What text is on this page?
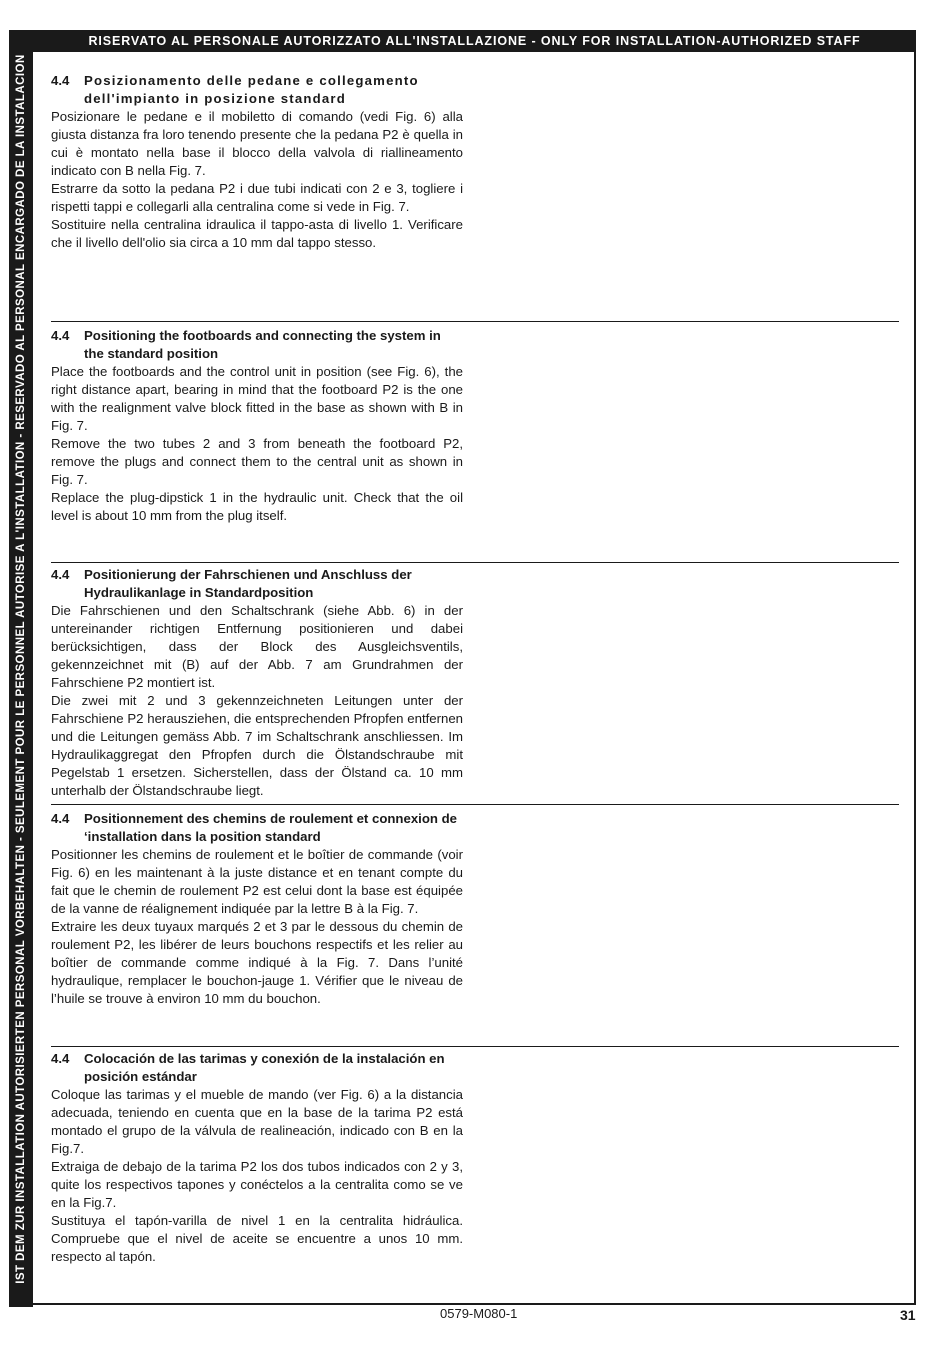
IST DEM ZUR INSTALLATION AUTORISIERTEN PERSONAL VORBEHALTEN - SEULEMENT POUR LE PERSONNEL AUTORISE A L'INSTALLATION - RESERVADO AL PERSONAL ENCARGADO DE LA INSTALACION
RISERVATO AL PERSONALE AUTORIZZATO ALL'INSTALLAZIONE - ONLY FOR INSTALLATION-AUTHORIZED STAFF
4.4	Posizionamento delle pedane e collegamento dell'impianto in posizione standard

Posizionare le pedane e il mobiletto di comando (vedi Fig. 6) alla giusta distanza fra loro tenendo presente che la pedana P2 è quella in cui è montato nella base il blocco della valvola di riallineamento indicato con B nella Fig. 7.

Estrarre da sotto la pedana P2 i due tubi indicati con 2 e 3, togliere i rispetti tappi e collegarli alla centralina come si vede in Fig. 7.

Sostituire nella centralina idraulica il tappo-asta di livello 1. Verificare che il livello dell'olio sia circa a 10 mm dal tappo stesso.

4.4	Positioning the footboards and connecting the system in the standard position

Place the footboards and the control unit in position (see Fig. 6), the right distance apart, bearing in mind that the footboard P2 is the one with the realignment valve block fitted in the base as shown with B in Fig. 7.

Remove the two tubes 2 and 3 from beneath the footboard P2, remove the plugs and connect them to the central unit as shown in Fig. 7.

Replace the plug-dipstick 1 in the hydraulic unit. Check that the oil level is about 10 mm from the plug itself.

4.4	Positionierung der Fahrschienen und Anschluss der Hydraulikanlage in Standardposition

Die Fahrschienen und den Schaltschrank (siehe Abb. 6) in der untereinander richtigen Entfernung positionieren und dabei berücksichtigen, dass der Block des Ausgleichsventils, gekennzeichnet mit (B) auf der Abb. 7 am Grundrahmen der Fahrschiene P2 montiert ist.

Die zwei mit 2 und 3 gekennzeichneten Leitungen unter der Fahrschiene P2 herausziehen, die entsprechenden Pfropfen entfernen und die Leitungen gemäss Abb. 7 im Schaltschrank anschliessen. Im Hydraulikaggregat den Pfropfen durch die Ölstandschraube mit Pegelstab 1 ersetzen. Sicherstellen, dass der Ölstand ca. 10 mm unterhalb der Ölstandschraube liegt.

4.4	Positionnement des chemins de roulement et connexion de ‘installation dans la position standard

Positionner les chemins de roulement et le boîtier de commande (voir Fig. 6) en les maintenant à la juste distance et en tenant compte du fait que le chemin de roulement P2 est celui dont la base est équipée de la vanne de réalignement indiquée par la lettre B à la Fig. 7.

Extraire les deux tuyaux marqués 2 et 3 par le dessous du chemin de roulement P2, les libérer de leurs bouchons respectifs et les relier au boîtier de commande comme indiqué à la Fig. 7. Dans l’unité hydraulique, remplacer le bouchon-jauge 1. Vérifier que le niveau de l’huile se trouve à environ 10 mm du bouchon.

4.4	Colocación de las tarimas y conexión de la instalación en posición estándar

Coloque las tarimas y el mueble de mando (ver Fig. 6) a la distancia adecuada, teniendo en cuenta que en la base de la tarima P2 está montado el grupo de la válvula de realineación, indicado con B en la Fig.7.

Extraiga de debajo de la tarima P2 los dos tubos indicados con 2 y 3, quite los respectivos tapones y conéctelos a la centralita como se ve en la Fig.7.

Sustituya el tapón-varilla de nivel 1 en la centralita hidráulica. Compruebe que el nivel de aceite se encuentre a unos 10 mm. respecto al tapón.

0579-M080-1	31
